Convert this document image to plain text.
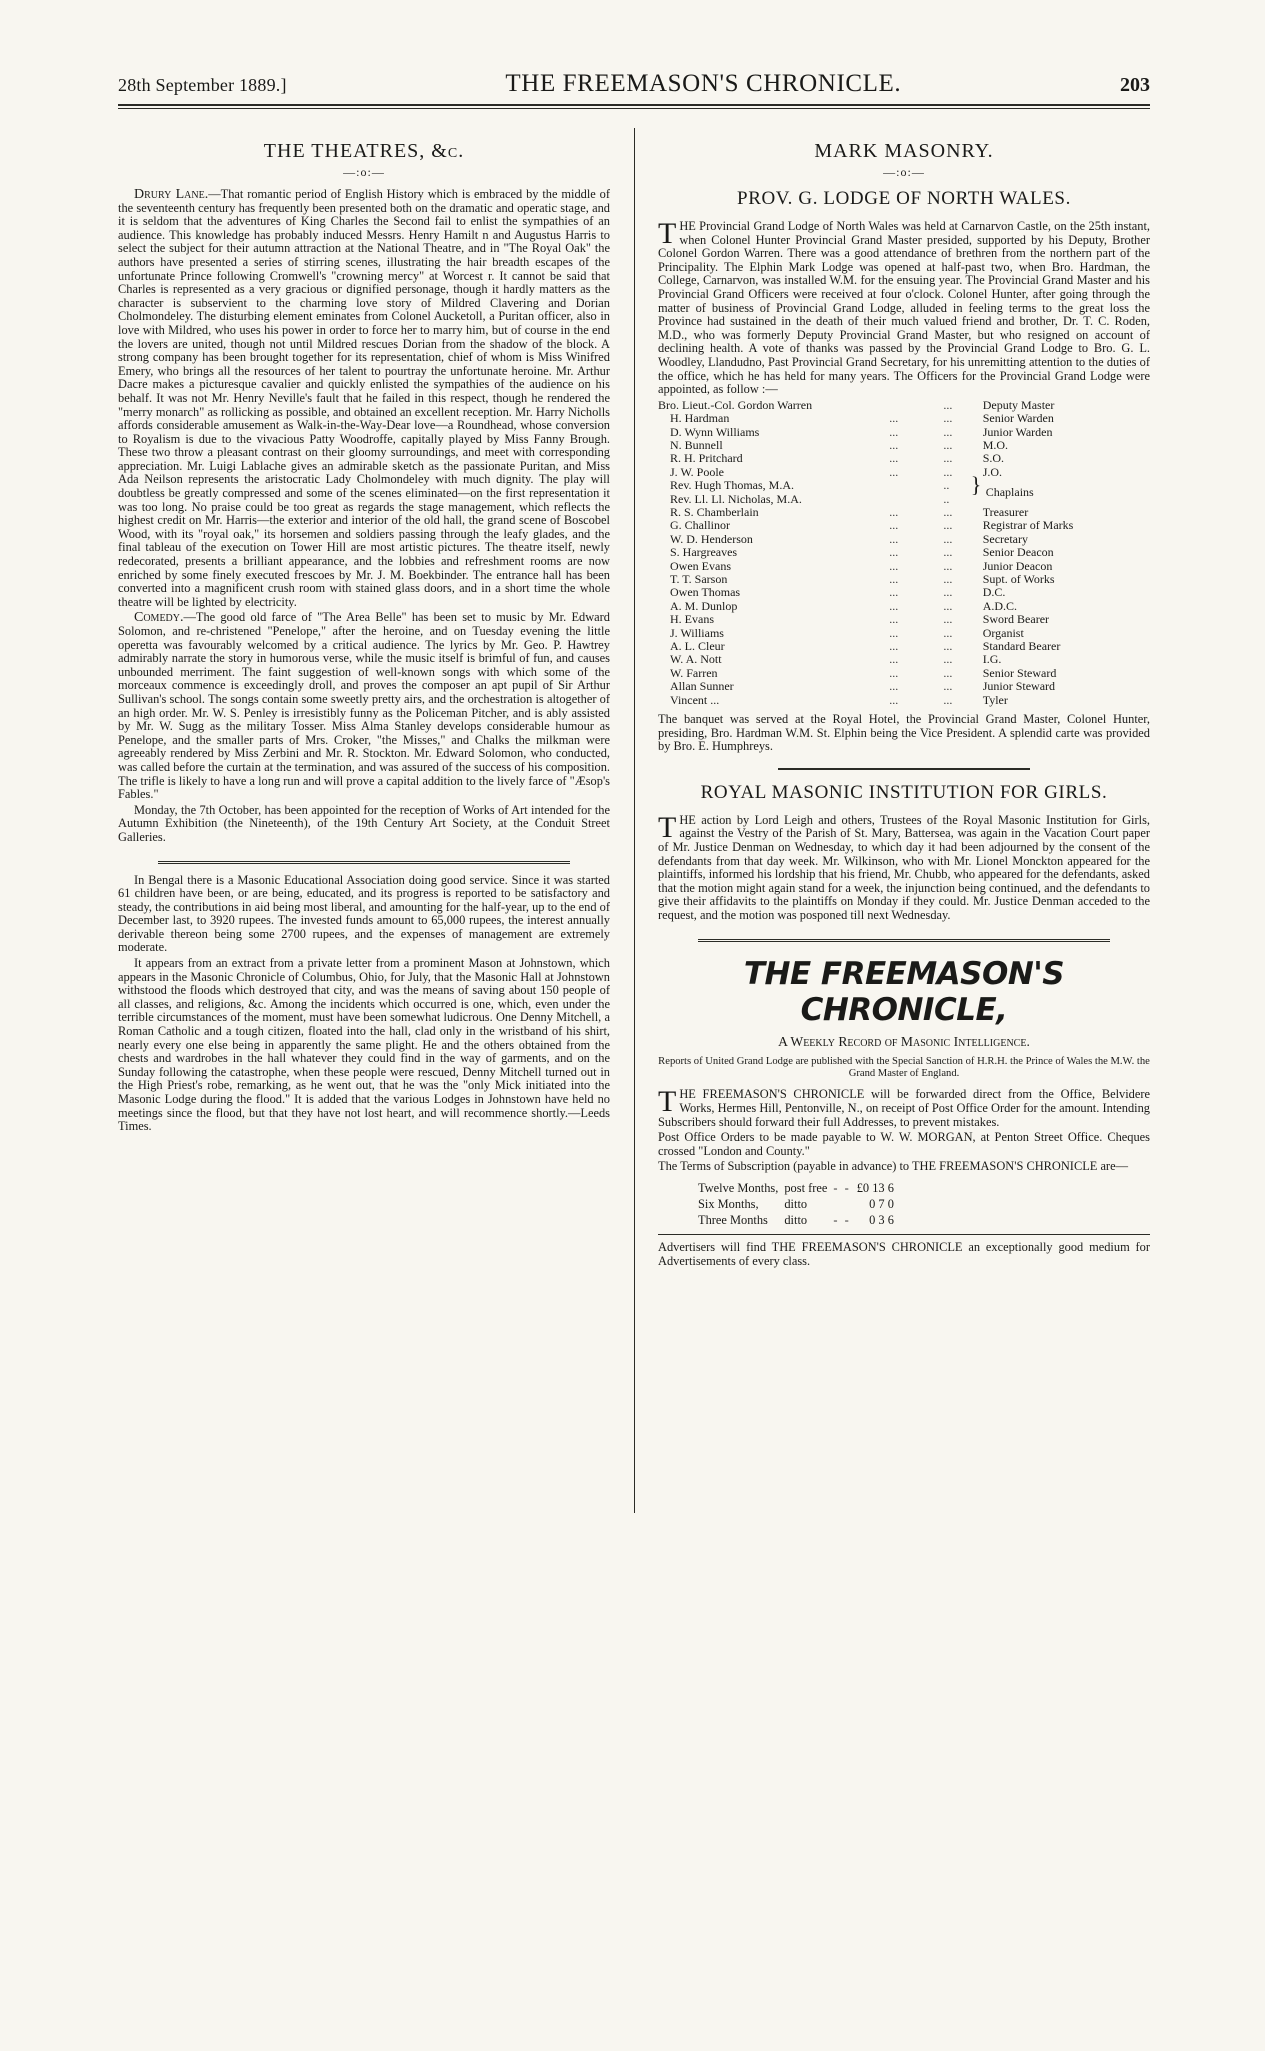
28th September 1889.]	THE FREEMASON'S CHRONICLE.	203
THE THEATRES, &c.
—:o:—

Drury Lane.—That romantic period of English History which is embraced by the middle of the seventeenth century has frequently been presented both on the dramatic and operatic stage, and it is seldom that the adventures of King Charles the Second fail to enlist the sympathies of an audience. This knowledge has probably induced Messrs. Henry Hamilt n and Augustus Harris to select the subject for their autumn attraction at the National Theatre, and in "The Royal Oak" the authors have presented a series of stirring scenes, illustrating the hair breadth escapes of the unfortunate Prince following Cromwell's "crowning mercy" at Worcest r. It cannot be said that Charles is represented as a very gracious or dignified personage, though it hardly matters as the character is subservient to the charming love story of Mildred Clavering and Dorian Cholmondeley. The disturbing element eminates from Colonel Aucketoll, a Puritan officer, also in love with Mildred, who uses his power in order to force her to marry him, but of course in the end the lovers are united, though not until Mildred rescues Dorian from the shadow of the block. A strong company has been brought together for its representation, chief of whom is Miss Winifred Emery, who brings all the resources of her talent to pourtray the unfortunate heroine. Mr. Arthur Dacre makes a picturesque cavalier and quickly enlisted the sympathies of the audience on his behalf. It was not Mr. Henry Neville's fault that he failed in this respect, though he rendered the "merry monarch" as rollicking as possible, and obtained an excellent reception. Mr. Harry Nicholls affords considerable amusement as Walk-in-the-Way-Dear love—a Roundhead, whose conversion to Royalism is due to the vivacious Patty Woodroffe, capitally played by Miss Fanny Brough. These two throw a pleasant contrast on their gloomy surroundings, and meet with corresponding appreciation. Mr. Luigi Lablache gives an admirable sketch as the passionate Puritan, and Miss Ada Neilson represents the aristocratic Lady Cholmondeley with much dignity. The play will doubtless be greatly compressed and some of the scenes eliminated—on the first representation it was too long. No praise could be too great as regards the stage management, which reflects the highest credit on Mr. Harris—the exterior and interior of the old hall, the grand scene of Boscobel Wood, with its "royal oak," its horsemen and soldiers passing through the leafy glades, and the final tableau of the execution on Tower Hill are most artistic pictures. The theatre itself, newly redecorated, presents a brilliant appearance, and the lobbies and refreshment rooms are now enriched by some finely executed frescoes by Mr. J. M. Boekbinder. The entrance hall has been converted into a magnificent crush room with stained glass doors, and in a short time the whole theatre will be lighted by electricity.

Comedy.—The good old farce of "The Area Belle" has been set to music by Mr. Edward Solomon, and re-christened "Penelope," after the heroine, and on Tuesday evening the little operetta was favourably welcomed by a critical audience. The lyrics by Mr. Geo. P. Hawtrey admirably narrate the story in humorous verse, while the music itself is brimful of fun, and causes unbounded merriment. The faint suggestion of well-known songs with which some of the morceaux commence is exceedingly droll, and proves the composer an apt pupil of Sir Arthur Sullivan's school. The songs contain some sweetly pretty airs, and the orchestration is altogether of an high order. Mr. W. S. Penley is irresistibly funny as the Policeman Pitcher, and is ably assisted by Mr. W. Sugg as the military Tosser. Miss Alma Stanley develops considerable humour as Penelope, and the smaller parts of Mrs. Croker, "the Misses," and Chalks the milkman were agreeably rendered by Miss Zerbini and Mr. R. Stockton. Mr. Edward Solomon, who conducted, was called before the curtain at the termination, and was assured of the success of his composition. The trifle is likely to have a long run and will prove a capital addition to the lively farce of "Æsop's Fables."

Monday, the 7th October, has been appointed for the reception of Works of Art intended for the Autumn Exhibition (the Nineteenth), of the 19th Century Art Society, at the Conduit Street Galleries.

In Bengal there is a Masonic Educational Association doing good service. Since it was started 61 children have been, or are being, educated, and its progress is reported to be satisfactory and steady, the contributions in aid being most liberal, and amounting for the half-year, up to the end of December last, to 3920 rupees. The invested funds amount to 65,000 rupees, the interest annually derivable thereon being some 2700 rupees, and the expenses of management are extremely moderate.

It appears from an extract from a private letter from a prominent Mason at Johnstown, which appears in the Masonic Chronicle of Columbus, Ohio, for July, that the Masonic Hall at Johnstown withstood the floods which destroyed that city, and was the means of saving about 150 people of all classes, and religions, &c. Among the incidents which occurred is one, which, even under the terrible circumstances of the moment, must have been somewhat ludicrous. One Denny Mitchell, a Roman Catholic and a tough citizen, floated into the hall, clad only in the wristband of his shirt, nearly every one else being in apparently the same plight. He and the others obtained from the chests and wardrobes in the hall whatever they could find in the way of garments, and on the Sunday following the catastrophe, when these people were rescued, Denny Mitchell turned out in the High Priest's robe, remarking, as he went out, that he was the "only Mick initiated into the Masonic Lodge during the flood." It is added that the various Lodges in Johnstown have held no meetings since the flood, but that they have not lost heart, and will recommence shortly.—Leeds Times.

MARK MASONRY.
—:o:—
PROV. G. LODGE OF NORTH WALES.

THE Provincial Grand Lodge of North Wales was held at Carnarvon Castle, on the 25th instant, when Colonel Hunter Provincial Grand Master presided, supported by his Deputy, Brother Colonel Gordon Warren. There was a good attendance of brethren from the northern part of the Principality. The Elphin Mark Lodge was opened at half-past two, when Bro. Hardman, the College, Carnarvon, was installed W.M. for the ensuing year. The Provincial Grand Master and his Provincial Grand Officers were received at four o'clock. Colonel Hunter, after going through the matter of business of Provincial Grand Lodge, alluded in feeling terms to the great loss the Province had sustained in the death of their much valued friend and brother, Dr. T. C. Roden, M.D., who was formerly Deputy Provincial Grand Master, but who resigned on account of declining health. A vote of thanks was passed by the Provincial Grand Lodge to Bro. G. L. Woodley, Llandudno, Past Provincial Grand Secretary, for his unremitting attention to the duties of the office, which he has held for many years. The Officers for the Provincial Grand Lodge were appointed, as follow :—

Bro. Lieut.-Col. Gordon Warren		...	Deputy Master
H. Hardman	...	...	Senior Warden
D. Wynn Williams	...	...	Junior Warden
N. Bunnell	...	...	M.O.
R. H. Pritchard	...	...	S.O.
J. W. Poole	...	...	J.O.
Rev. Hugh Thomas, M.A.		..	}Chaplains
Rev. Ll. Ll. Nicholas, M.A.		..	
R. S. Chamberlain	...	...	Treasurer
G. Challinor	...	...	Registrar of Marks
W. D. Henderson	...	...	Secretary
S. Hargreaves	...	...	Senior Deacon
Owen Evans	...	...	Junior Deacon
T. T. Sarson	...	...	Supt. of Works
Owen Thomas	...	...	D.C.
A. M. Dunlop	...	...	A.D.C.
H. Evans	...	...	Sword Bearer
J. Williams	...	...	Organist
A. L. Cleur	...	...	Standard Bearer
W. A. Nott	...	...	I.G.
W. Farren	...	...	Senior Steward
Allan Sunner	...	...	Junior Steward
Vincent ...	...	...	Tyler

The banquet was served at the Royal Hotel, the Provincial Grand Master, Colonel Hunter, presiding, Bro. Hardman W.M. St. Elphin being the Vice President. A splendid carte was provided by Bro. E. Humphreys.

ROYAL MASONIC INSTITUTION FOR GIRLS.

THE action by Lord Leigh and others, Trustees of the Royal Masonic Institution for Girls, against the Vestry of the Parish of St. Mary, Battersea, was again in the Vacation Court paper of Mr. Justice Denman on Wednesday, to which day it had been adjourned by the consent of the defendants from that day week. Mr. Wilkinson, who with Mr. Lionel Monckton appeared for the plaintiffs, informed his lordship that his friend, Mr. Chubb, who appeared for the defendants, asked that the motion might again stand for a week, the injunction being continued, and the defendants to give their affidavits to the plaintiffs on Monday if they could. Mr. Justice Denman acceded to the request, and the motion was posponed till next Wednesday.

THE FREEMASON'S CHRONICLE,
A Weekly Record of Masonic Intelligence.
Reports of United Grand Lodge are published with the Special Sanction of H.R.H. the Prince of Wales the M.W. the Grand Master of England.

THE FREEMASON'S CHRONICLE will be forwarded direct from the Office, Belvidere Works, Hermes Hill, Pentonville, N., on receipt of Post Office Order for the amount. Intending Subscribers should forward their full Addresses, to prevent mistakes.

Post Office Orders to be made payable to W. W. MORGAN, at Penton Street Office. Cheques crossed "London and County."

The Terms of Subscription (payable in advance) to THE FREEMASON'S CHRONICLE are—

Twelve Months,	post free	- -	£0 13 6
Six Months,	ditto		0 7 0
Three Months	ditto	- -	0 3 6

Advertisers will find THE FREEMASON'S CHRONICLE an exceptionally good medium for Advertisements of every class.
